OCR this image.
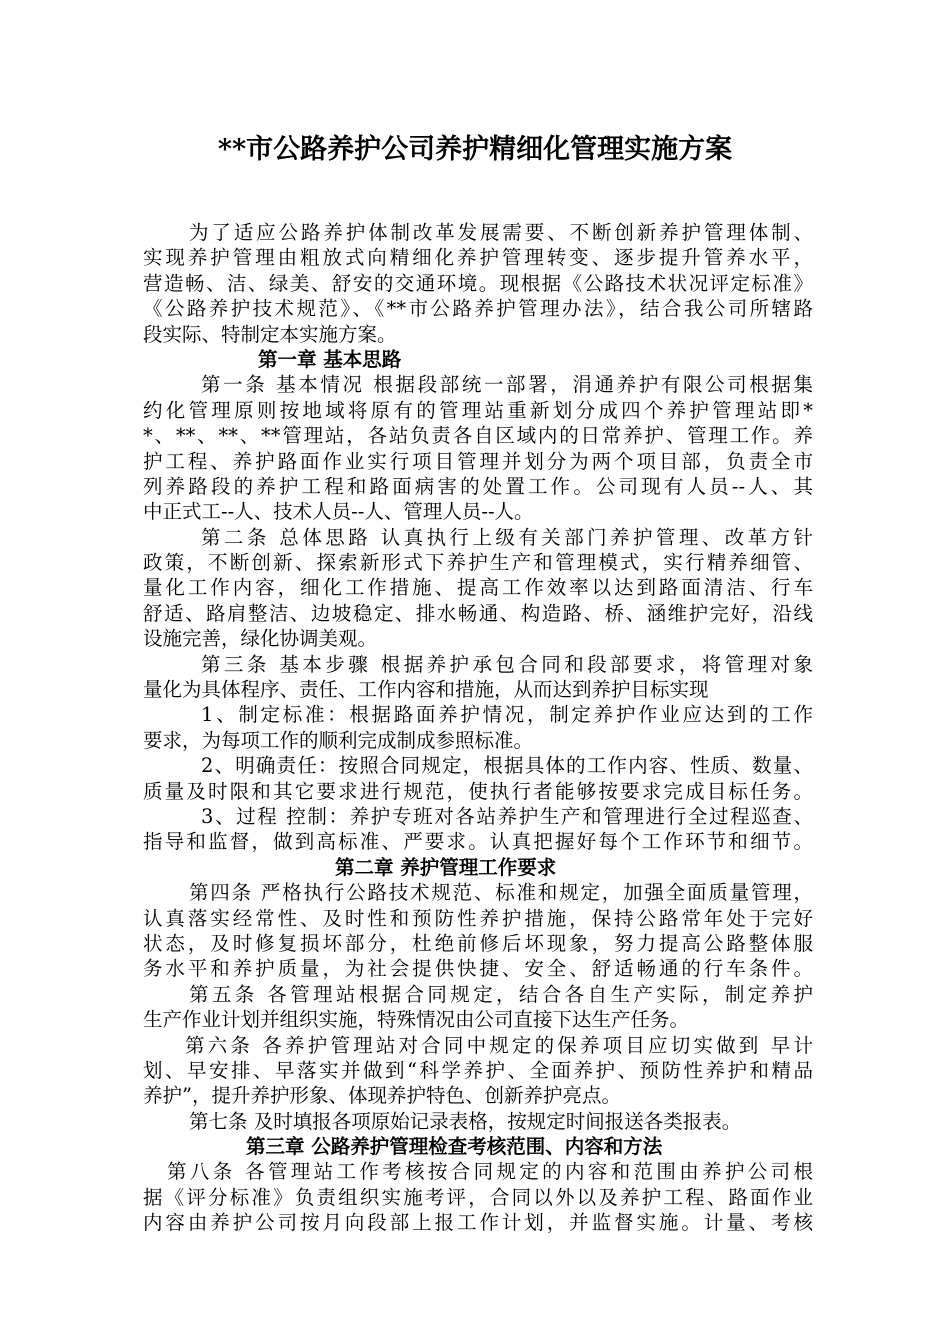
**市公路养护公司养护精细化管理实施方案
为了适应公路养护体制改革发展需要、不断创新养护管理体制、
实现养护管理由粗放式向精细化养护管理转变、逐步提升管养水平，
营造畅、洁、绿美、舒安的交通环境。现根据《公路技术状况评定标准》
《公路养护技术规范》、《**市公路养护管理办法》，结合我公司所辖路
段实际、特制定本实施方案。
第一章 基本思路
第一条 基本情况 根据段部统一部署，涓通养护有限公司根据集
约化管理原则按地域将原有的管理站重新划分成四个养护管理站即*
*、**、**、**管理站，各站负责各自区域内的日常养护、管理工作。养
护工程、养护路面作业实行项目管理并划分为两个项目部，负责全市
列养路段的养护工程和路面病害的处置工作。公司现有人员--人、其
中正式工--人、技术人员--人、管理人员--人。
第二条 总体思路 认真执行上级有关部门养护管理、改革方针
政策，不断创新、探索新形式下养护生产和管理模式，实行精养细管、
量化工作内容，细化工作措施、提高工作效率以达到路面清洁、行车
舒适、路肩整洁、边坡稳定、排水畅通、构造路、桥、涵维护完好，沿线
设施完善，绿化协调美观。
第三条 基本步骤 根据养护承包合同和段部要求，将管理对象
量化为具体程序、责任、工作内容和措施，从而达到养护目标实现
1、制定标准：根据路面养护情况，制定养护作业应达到的工作
要求，为每项工作的顺利完成制成参照标准。
2、明确责任：按照合同规定，根据具体的工作内容、性质、数量、
质量及时限和其它要求进行规范，使执行者能够按要求完成目标任务。
3、过程 控制：养护专班对各站养护生产和管理进行全过程巡查、
指导和监督，做到高标准、严要求。认真把握好每个工作环节和细节。
第二章 养护管理工作要求
第四条 严格执行公路技术规范、标准和规定，加强全面质量管理，
认真落实经常性、及时性和预防性养护措施，保持公路常年处于完好
状态，及时修复损坏部分，杜绝前修后坏现象，努力提高公路整体服
务水平和养护质量，为社会提供快捷、安全、舒适畅通的行车条件。
第五条 各管理站根据合同规定，结合各自生产实际，制定养护
生产作业计划并组织实施，特殊情况由公司直接下达生产任务。
第六条 各养护管理站对合同中规定的保养项目应切实做到 早计
划、早安排、早落实并做到“科学养护、全面养护、预防性养护和精品
养护”，提升养护形象、体现养护特色、创新养护亮点。
第七条 及时填报各项原始记录表格，按规定时间报送各类报表。
第三章 公路养护管理检查考核范围、内容和方法
第八条 各管理站工作考核按合同规定的内容和范围由养护公司根
据《评分标准》负责组织实施考评，合同以外以及养护工程、路面作业
内容由养护公司按月向段部上报工作计划，并监督实施。计量、考核
